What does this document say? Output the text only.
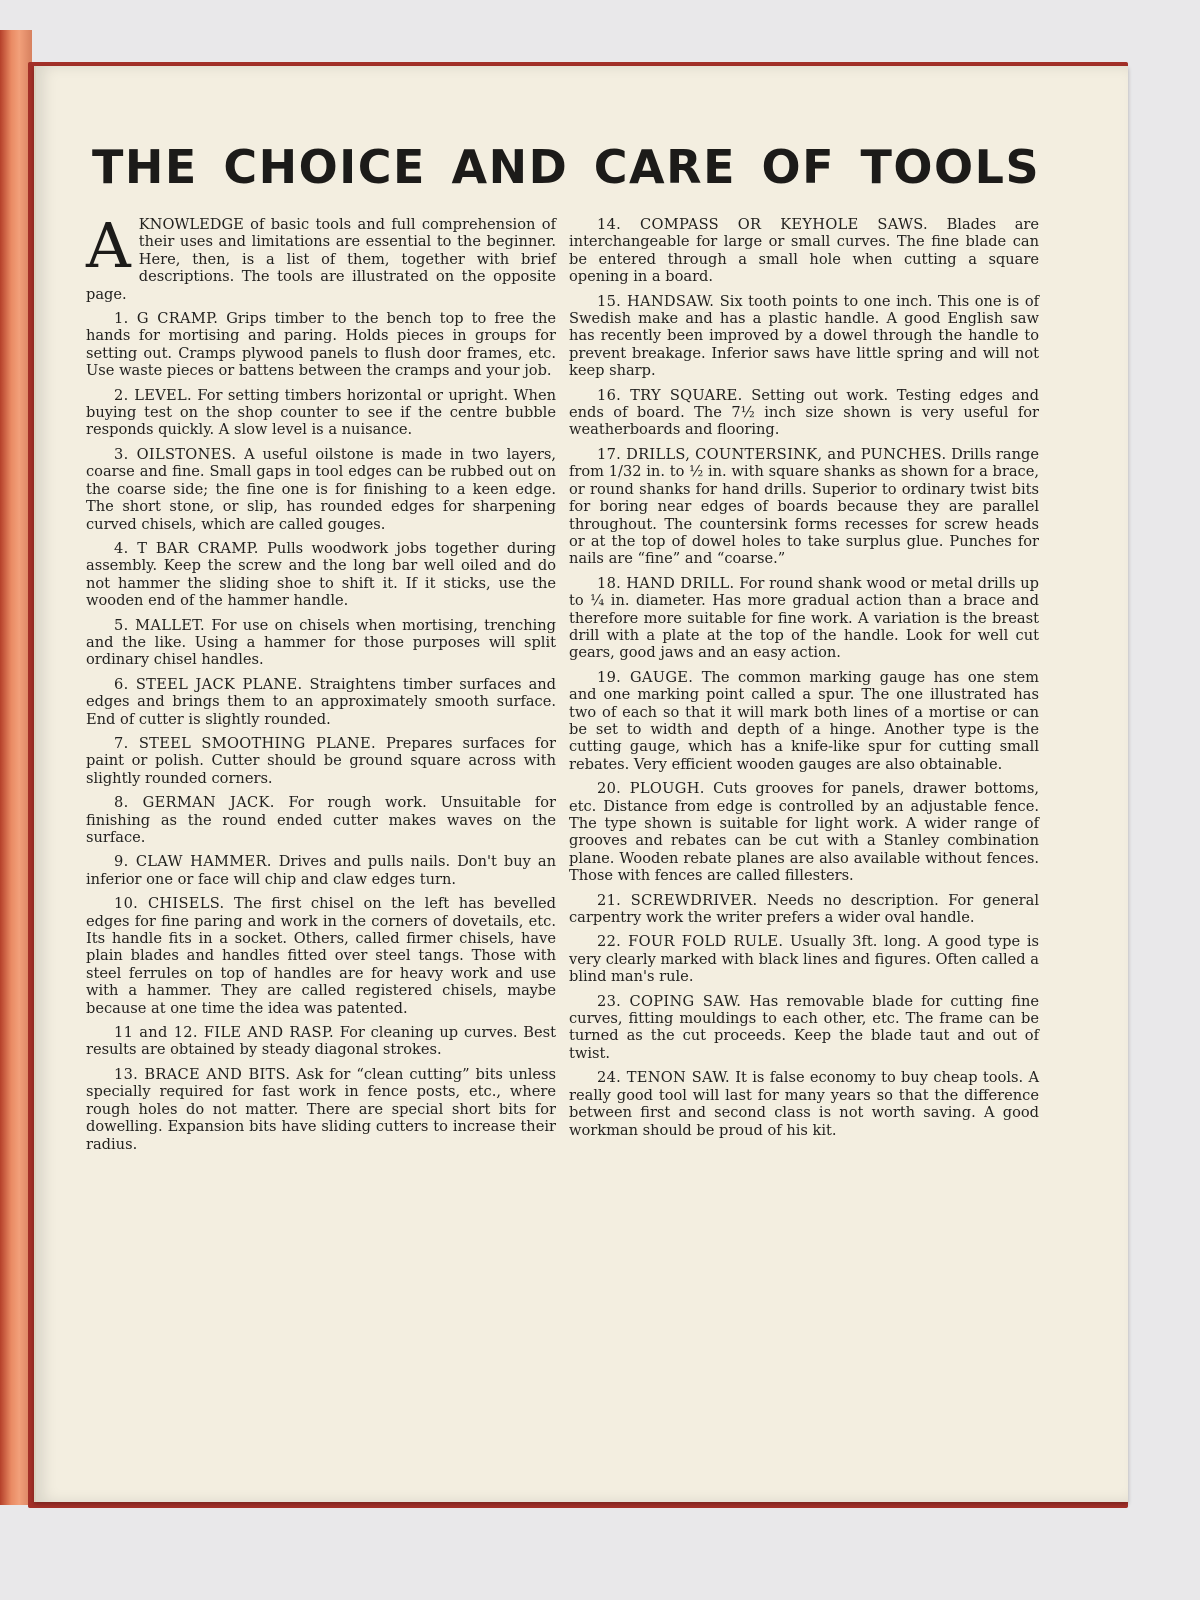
THE CHOICE AND CARE OF TOOLS

AKNOWLEDGE of basic tools and full comprehension of their uses and limitations are essential to the beginner. Here, then, is a list of them, together with brief descriptions. The tools are illustrated on the opposite page.

1. G CRAMP. Grips timber to the bench top to free the hands for mortising and paring. Holds pieces in groups for setting out. Cramps plywood panels to flush door frames, etc. Use waste pieces or battens between the cramps and your job.

2. LEVEL. For setting timbers horizontal or upright. When buying test on the shop counter to see if the centre bubble responds quickly. A slow level is a nuisance.

3. OILSTONES. A useful oilstone is made in two layers, coarse and fine. Small gaps in tool edges can be rubbed out on the coarse side; the fine one is for finishing to a keen edge. The short stone, or slip, has rounded edges for sharpening curved chisels, which are called gouges.

4. T BAR CRAMP. Pulls woodwork jobs together during assembly. Keep the screw and the long bar well oiled and do not hammer the sliding shoe to shift it. If it sticks, use the wooden end of the hammer handle.

5. MALLET. For use on chisels when mortising, trenching and the like. Using a hammer for those purposes will split ordinary chisel handles.

6. STEEL JACK PLANE. Straightens timber surfaces and edges and brings them to an approximately smooth surface. End of cutter is slightly rounded.

7. STEEL SMOOTHING PLANE. Prepares surfaces for paint or polish. Cutter should be ground square across with slightly rounded corners.

8. GERMAN JACK. For rough work. Unsuitable for finishing as the round ended cutter makes waves on the surface.

9. CLAW HAMMER. Drives and pulls nails. Don't buy an inferior one or face will chip and claw edges turn.

10. CHISELS. The first chisel on the left has bevelled edges for fine paring and work in the corners of dovetails, etc. Its handle fits in a socket. Others, called firmer chisels, have plain blades and handles fitted over steel tangs. Those with steel ferrules on top of handles are for heavy work and use with a hammer. They are called registered chisels, maybe because at one time the idea was patented.

11 and 12. FILE AND RASP. For cleaning up curves. Best results are obtained by steady diagonal strokes.

13. BRACE AND BITS. Ask for “clean cutting” bits unless specially required for fast work in fence posts, etc., where rough holes do not matter. There are special short bits for dowelling. Expansion bits have sliding cutters to increase their radius.

14. COMPASS OR KEYHOLE SAWS. Blades are interchangeable for large or small curves. The fine blade can be entered through a small hole when cutting a square opening in a board.

15. HANDSAW. Six tooth points to one inch. This one is of Swedish make and has a plastic handle. A good English saw has recently been improved by a dowel through the handle to prevent breakage. Inferior saws have little spring and will not keep sharp.

16. TRY SQUARE. Setting out work. Testing edges and ends of board. The 7½ inch size shown is very useful for weatherboards and flooring.

17. DRILLS, COUNTERSINK, and PUNCHES. Drills range from 1/32 in. to ½ in. with square shanks as shown for a brace, or round shanks for hand drills. Superior to ordinary twist bits for boring near edges of boards because they are parallel throughout. The countersink forms recesses for screw heads or at the top of dowel holes to take surplus glue. Punches for nails are “fine” and “coarse.”

18. HAND DRILL. For round shank wood or metal drills up to ¼ in. diameter. Has more gradual action than a brace and therefore more suitable for fine work. A variation is the breast drill with a plate at the top of the handle. Look for well cut gears, good jaws and an easy action.

19. GAUGE. The common marking gauge has one stem and one marking point called a spur. The one illustrated has two of each so that it will mark both lines of a mortise or can be set to width and depth of a hinge. Another type is the cutting gauge, which has a knife-like spur for cutting small rebates. Very efficient wooden gauges are also obtainable.

20. PLOUGH. Cuts grooves for panels, drawer bottoms, etc. Distance from edge is controlled by an adjustable fence. The type shown is suitable for light work. A wider range of grooves and rebates can be cut with a Stanley combination plane. Wooden rebate planes are also available without fences. Those with fences are called fillesters.

21. SCREWDRIVER. Needs no description. For general carpentry work the writer prefers a wider oval handle.

22. FOUR FOLD RULE. Usually 3ft. long. A good type is very clearly marked with black lines and figures. Often called a blind man's rule.

23. COPING SAW. Has removable blade for cutting fine curves, fitting mouldings to each other, etc. The frame can be turned as the cut proceeds. Keep the blade taut and out of twist.

24. TENON SAW. It is false economy to buy cheap tools. A really good tool will last for many years so that the difference between first and second class is not worth saving. A good workman should be proud of his kit.
